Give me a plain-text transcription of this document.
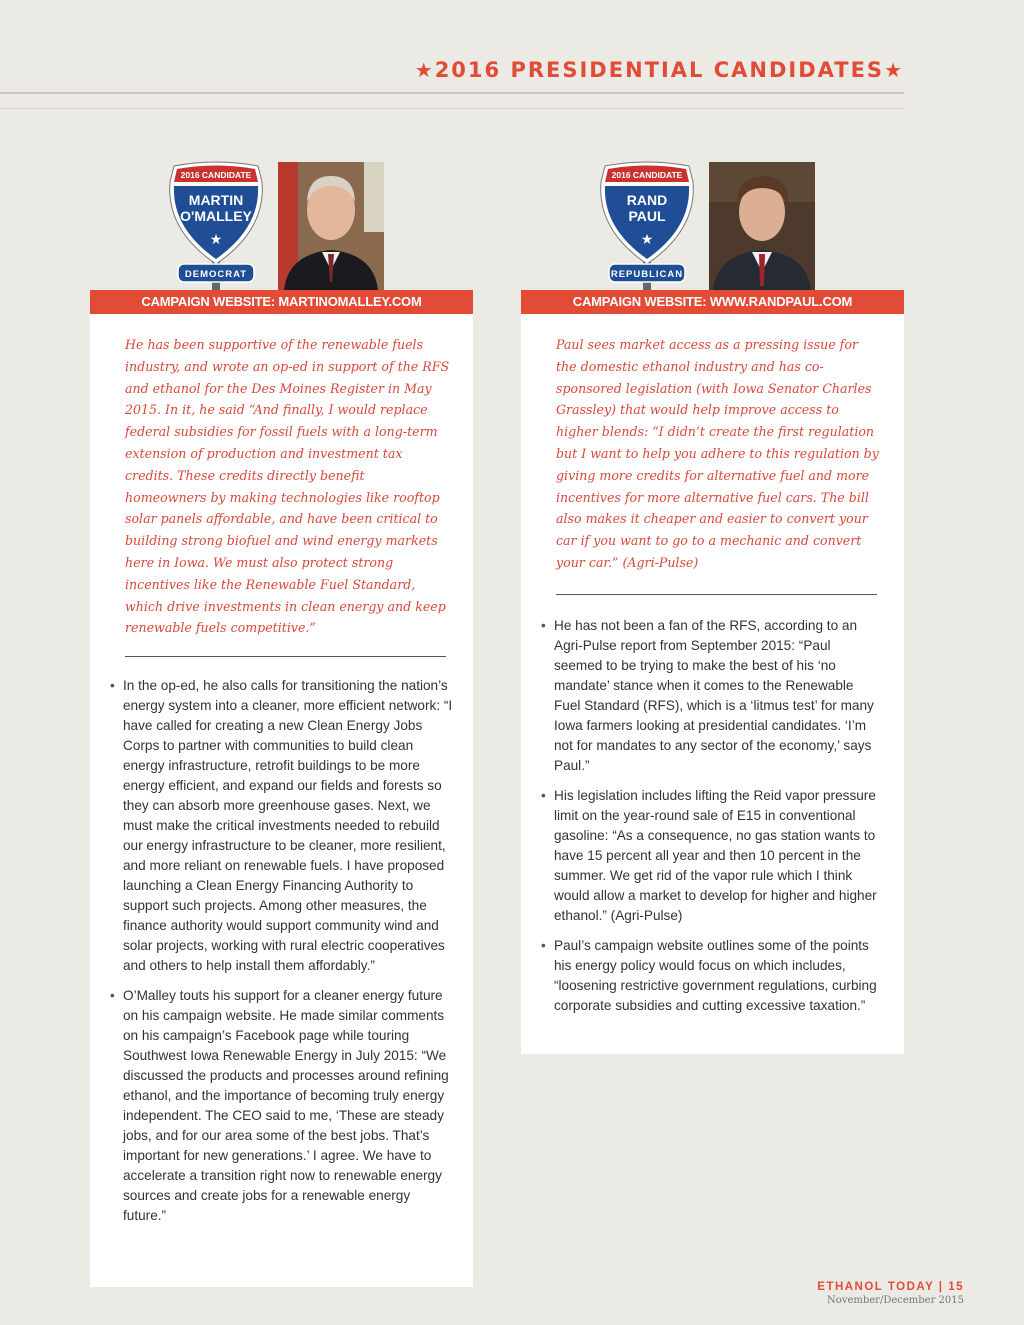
★2016 PRESIDENTIAL CANDIDATES★
2016 CANDIDATE
MARTIN
O'MALLEY
★
DEMOCRAT
2016 CANDIDATE
RAND
PAUL
★
REPUBLICAN
CAMPAIGN WEBSITE: MARTINOMALLEY.COM	CAMPAIGN WEBSITE: WWW.RANDPAUL.COM

He has been supportive of the renewable fuels industry, and wrote an op-ed in support of the RFS and ethanol for the Des Moines Register in May 2015. In it, he said “And finally, I would replace federal subsidies for fossil fuels with a long-term extension of production and investment tax credits. These credits directly benefit homeowners by making technologies like rooftop solar panels affordable, and have been critical to building strong biofuel and wind energy markets here in Iowa. We must also protect strong incentives like the Renewable Fuel Standard, which drive investments in clean energy and keep renewable fuels competitive.”

Paul sees market access as a pressing issue for the domestic ethanol industry and has co-sponsored legislation (with Iowa Senator Charles Grassley) that would help improve access to higher blends: “I didn’t create the first regulation but I want to help you adhere to this regulation by giving more credits for alternative fuel and more incentives for more alternative fuel cars. The bill also makes it cheaper and easier to convert your car if you want to go to a mechanic and convert your car.” (Agri-Pulse)

• In the op-ed, he also calls for transitioning the nation’s energy system into a cleaner, more efficient network: “I have called for creating a new Clean Energy Jobs Corps to partner with communities to build clean energy infrastructure, retrofit buildings to be more energy efficient, and expand our fields and forests so they can absorb more greenhouse gases. Next, we must make the critical investments needed to rebuild our energy infrastructure to be cleaner, more resilient, and more reliant on renewable fuels. I have proposed launching a Clean Energy Financing Authority to support such projects. Among other measures, the finance authority would support community wind and solar projects, working with rural electric cooperatives and others to help install them affordably.”
• O’Malley touts his support for a cleaner energy future on his campaign website. He made similar comments on his campaign’s Facebook page while touring Southwest Iowa Renewable Energy in July 2015: “We discussed the products and processes around refining ethanol, and the importance of becoming truly energy independent. The CEO said to me, ‘These are steady jobs, and for our area some of the best jobs. That’s important for new generations.’ I agree. We have to accelerate a transition right now to renewable energy sources and create jobs for a renewable energy future.”
• He has not been a fan of the RFS, according to an Agri-Pulse report from September 2015: “Paul seemed to be trying to make the best of his ‘no mandate’ stance when it comes to the Renewable Fuel Standard (RFS), which is a ‘litmus test’ for many Iowa farmers looking at presidential candidates. ‘I’m not for mandates to any sector of the economy,’ says Paul.”
• His legislation includes lifting the Reid vapor pressure limit on the year-round sale of E15 in conventional gasoline: “As a consequence, no gas station wants to have 15 percent all year and then 10 percent in the summer. We get rid of the vapor rule which I think would allow a market to develop for higher and higher ethanol.” (Agri-Pulse)
• Paul’s campaign website outlines some of the points his energy policy would focus on which includes, “loosening restrictive government regulations, curbing corporate subsidies and cutting excessive taxation.”
ETHANOL TODAY | 15
November/December 2015
